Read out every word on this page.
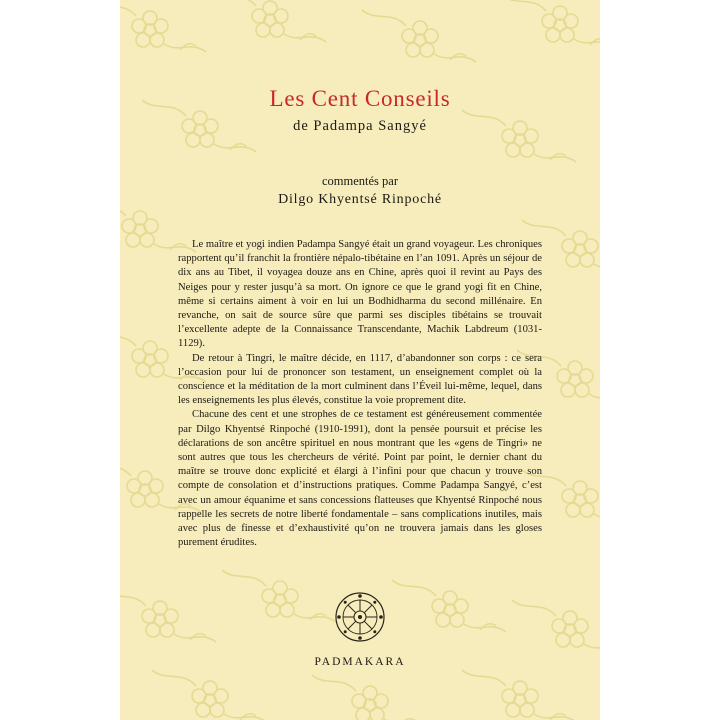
Les Cent Conseils
de Padampa Sangyé
commentés par
Dilgo Khyentsé Rinpoché

Le maître et yogi indien Padampa Sangyé était un grand voyageur. Les chroniques rapportent qu’il franchit la frontière népalo-tibétaine en l’an 1091. Après un séjour de dix ans au Tibet, il voyagea douze ans en Chine, après quoi il revint au Pays des Neiges pour y rester jusqu’à sa mort. On ignore ce que le grand yogi fit en Chine, même si certains aiment à voir en lui un Bodhidharma du second millénaire. En revanche, on sait de source sûre que parmi ses disciples tibétains se trouvait l’excellente adepte de la Connaissance Transcendante, Machik Labdreum (1031-1129).

De retour à Tingri, le maître décide, en 1117, d’abandonner son corps : ce sera l’occasion pour lui de prononcer son testament, un enseignement complet où la conscience et la méditation de la mort culminent dans l’Éveil lui-même, lequel, dans les enseignements les plus élevés, constitue la voie proprement dite.

Chacune des cent et une strophes de ce testament est généreusement commentée par Dilgo Khyentsé Rinpoché (1910-1991), dont la pensée poursuit et précise les déclarations de son ancêtre spirituel en nous montrant que les «gens de Tingri» ne sont autres que tous les chercheurs de vérité. Point par point, le dernier chant du maître se trouve donc explicité et élargi à l’infini pour que chacun y trouve son compte de consolation et d’instructions pratiques. Comme Padampa Sangyé, c’est avec un amour équanime et sans concessions flatteuses que Khyentsé Rinpoché nous rappelle les secrets de notre liberté fondamentale – sans complications inutiles, mais avec plus de finesse et d’exhaustivité qu’on ne trouvera jamais dans les gloses purement érudites.

PADMAKARA
